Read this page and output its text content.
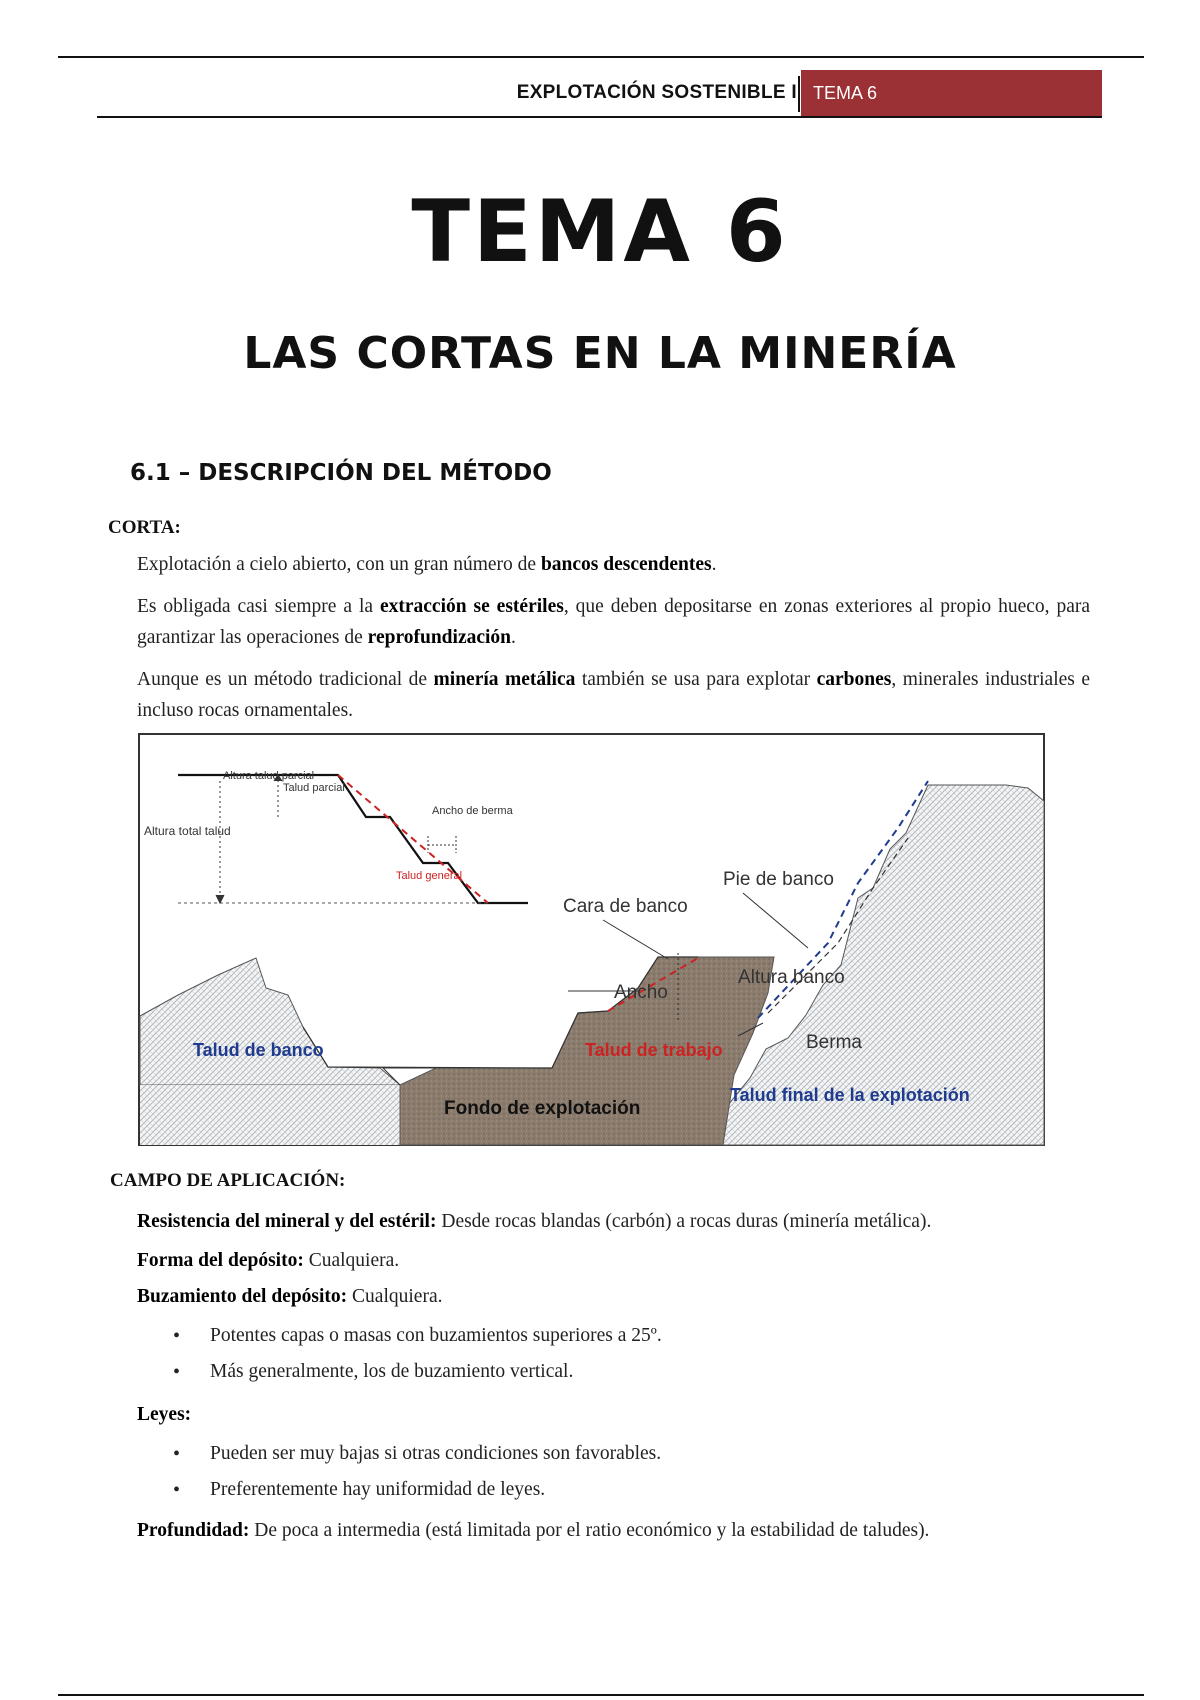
EXPLOTACIÓN SOSTENIBLE I TEMA 6
TEMA 6
LAS CORTAS EN LA MINERÍA
6.1 – DESCRIPCIÓN DEL MÉTODO
CORTA:
Explotación a cielo abierto, con un gran número de bancos descendentes.
Es obligada casi siempre a la extracción se estériles, que deben depositarse en zonas exteriores al propio hueco, para garantizar las operaciones de reprofundización.
Aunque es un método tradicional de minería metálica también se usa para explotar carbones, minerales industriales e incluso rocas ornamentales.
Altura talud parcial
Talud parcial
Altura total talud
Ancho de berma
Talud general	Pie de banco
Cara de banco
Ancho
Altura banco
Talud de banco	Talud de trabajo	Berma
Fondo de explotación
Talud final de la explotación
CAMPO DE APLICACIÓN:
Resistencia del mineral y del estéril: Desde rocas blandas (carbón) a rocas duras (minería metálica).
Forma del depósito: Cualquiera.
Buzamiento del depósito: Cualquiera.
• Potentes capas o masas con buzamientos superiores a 25º.
• Más generalmente, los de buzamiento vertical.
Leyes:
• Pueden ser muy bajas si otras condiciones son favorables.
• Preferentemente hay uniformidad de leyes.
Profundidad: De poca a intermedia (está limitada por el ratio económico y la estabilidad de taludes).
